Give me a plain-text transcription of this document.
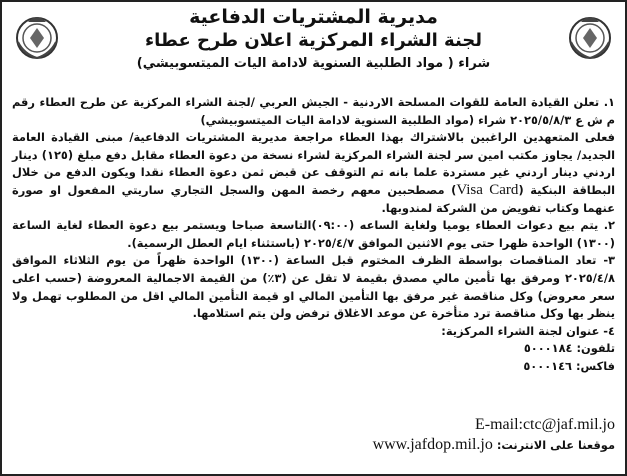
مديرية المشتريات الدفاعية
لجنة الشراء المركزية اعلان طرح عطاء
شراء ( مواد الطلبية السنوية لادامة اليات الميتسوبيشي)

١. تعلن القيادة العامة للقوات المسلحة الاردنية - الجيش العربي /لجنة الشراء المركزية عن طرح العطاء رقم م ش ع ٢٠٢٥/٥/٨/٣ شراء (مواد الطلبية السنوية لادامة اليات الميتسوبيشي)

فعلى المتعهدين الراغبين بالاشتراك بهذا العطاء مراجعة مديرية المشتريات الدفاعية/ مبنى القيادة العامة الجديد/ يجاوز مكتب امين سر لجنة الشراء المركزية لشراء نسخة من دعوة العطاء مقابل دفع مبلغ (١٢٥) دينار اردني دينار اردني غير مستردة علما بانه تم التوقف عن قبض ثمن دعوة العطاء نقدا ويكون الدفع من خلال البطاقة البنكية (Visa Card) مصطحبين معهم رخصة المهن والسجل التجاري ساريتي المفعول او صورة عنهما وكتاب تفويض من الشركة لمندوبها.

٢. يتم بيع دعوات العطاء يوميا ولغاية الساعه (٠٩:٠٠)التاسعة صباحا ويستمر بيع دعوة العطاء لغاية الساعة (١٣٠٠) الواحدة ظهرا حتى يوم الاثنين الموافق ٢٠٢٥/٤/٧ (باستثناء ايام العطل الرسمية).

٣- تعاد المناقصات بواسطة الظرف المختوم قبل الساعة (١٣٠٠) الواحدة ظهراً من يوم الثلاثاء الموافق ٢٠٢٥/٤/٨ ومرفق بها تأمين مالي مصدق بقيمة لا تقل عن (٣٪) من القيمة الاجمالية المعروضة (حسب اعلى سعر معروض) وكل مناقصة غير مرفق بها التأمين المالي او قيمة التأمين المالي اقل من المطلوب تهمل ولا ينظر بها وكل مناقصة ترد متأخرة عن موعد الاغلاق ترفض ولن يتم استلامها.

٤- عنوان لجنة الشراء المركزية:

تلفون: ٥٠٠٠١٨٤

فاكس: ٥٠٠٠١٤٦

E-mail:ctc@jaf.mil.jo
موقعنا على الانترنت: www.jafdop.mil.jo
